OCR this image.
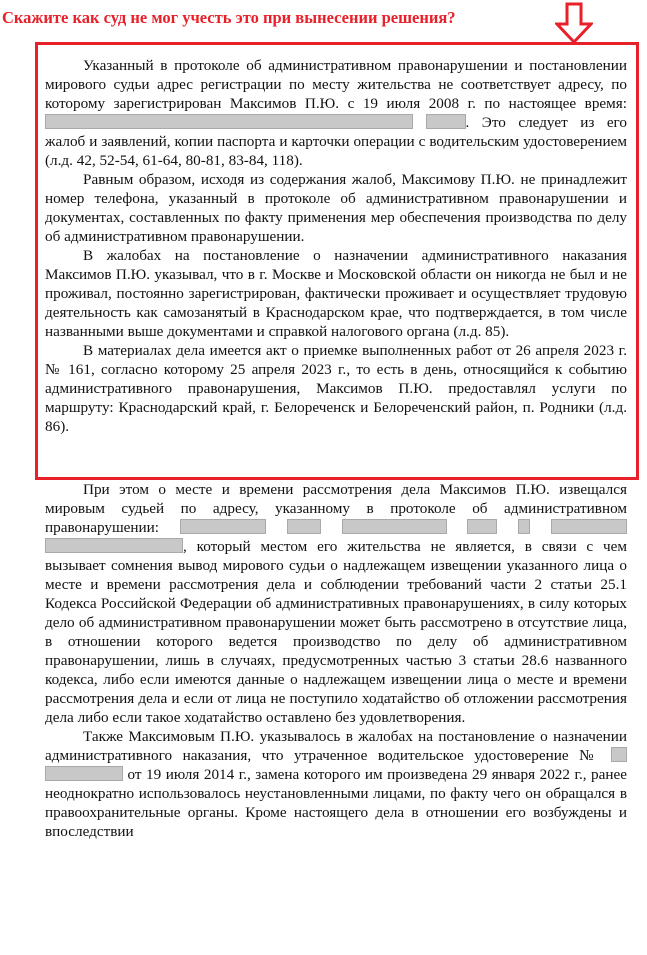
Скажите как суд не мог учесть это при вынесении решения?

Указанный в протоколе об административном правонарушении и постановлении мирового судьи адрес регистрации по месту жительства не соответствует адресу, по которому зарегистрирован Максимов П.Ю. с 19 июля 2008 г. по настоящее время:  . Это следует из его жалоб и заявлений, копии паспорта и карточки операции с водительским удостоверением (л.д. 42, 52-54, 61-64, 80-81, 83-84, 118).

Равным образом, исходя из содержания жалоб, Максимову П.Ю. не принадлежит номер телефона, указанный в протоколе об административном правонарушении и документах, составленных по факту применения мер обеспечения производства по делу об административном правонарушении.

В жалобах на постановление о назначении административного наказания Максимов П.Ю. указывал, что в г. Москве и Московской области он никогда не был и не проживал, постоянно зарегистрирован, фактически проживает и осуществляет трудовую деятельность как самозанятый в Краснодарском крае, что подтверждается, в том числе названными выше документами и справкой налогового органа (л.д. 85).

В материалах дела имеется акт о приемке выполненных работ от 26 апреля 2023 г. № 161, согласно которому 25 апреля 2023 г., то есть в день, относящийся к событию административного правонарушения, Максимов П.Ю. предоставлял услуги по маршруту: Краснодарский край, г. Белореченск и Белореченский район, п. Родники (л.д. 86).

При этом о месте и времени рассмотрения дела Максимов П.Ю. извещался мировым судьей по адресу, указанному в протоколе об административном правонарушении:       , который местом его жительства не является, в связи с чем вызывает сомнения вывод мирового судьи о надлежащем извещении указанного лица о месте и времени рассмотрения дела и соблюдении требований части 2 статьи 25.1 Кодекса Российской Федерации об административных правонарушениях, в силу которых дело об административном правонарушении может быть рассмотрено в отсутствие лица, в отношении которого ведется производство по делу об административном правонарушении, лишь в случаях, предусмотренных частью 3 статьи 28.6 названного кодекса, либо если имеются данные о надлежащем извещении лица о месте и времени рассмотрения дела и если от лица не поступило ходатайство об отложении рассмотрения дела либо если такое ходатайство оставлено без удовлетворения.

Также Максимовым П.Ю. указывалось в жалобах на постановление о назначении административного наказания, что утраченное водительское удостоверение №   от 19 июля 2014 г., замена которого им произведена 29 января 2022 г., ранее неоднократно использовалось неустановленными лицами, по факту чего он обращался в правоохранительные органы. Кроме настоящего дела в отношении его возбуждены и впоследствии
